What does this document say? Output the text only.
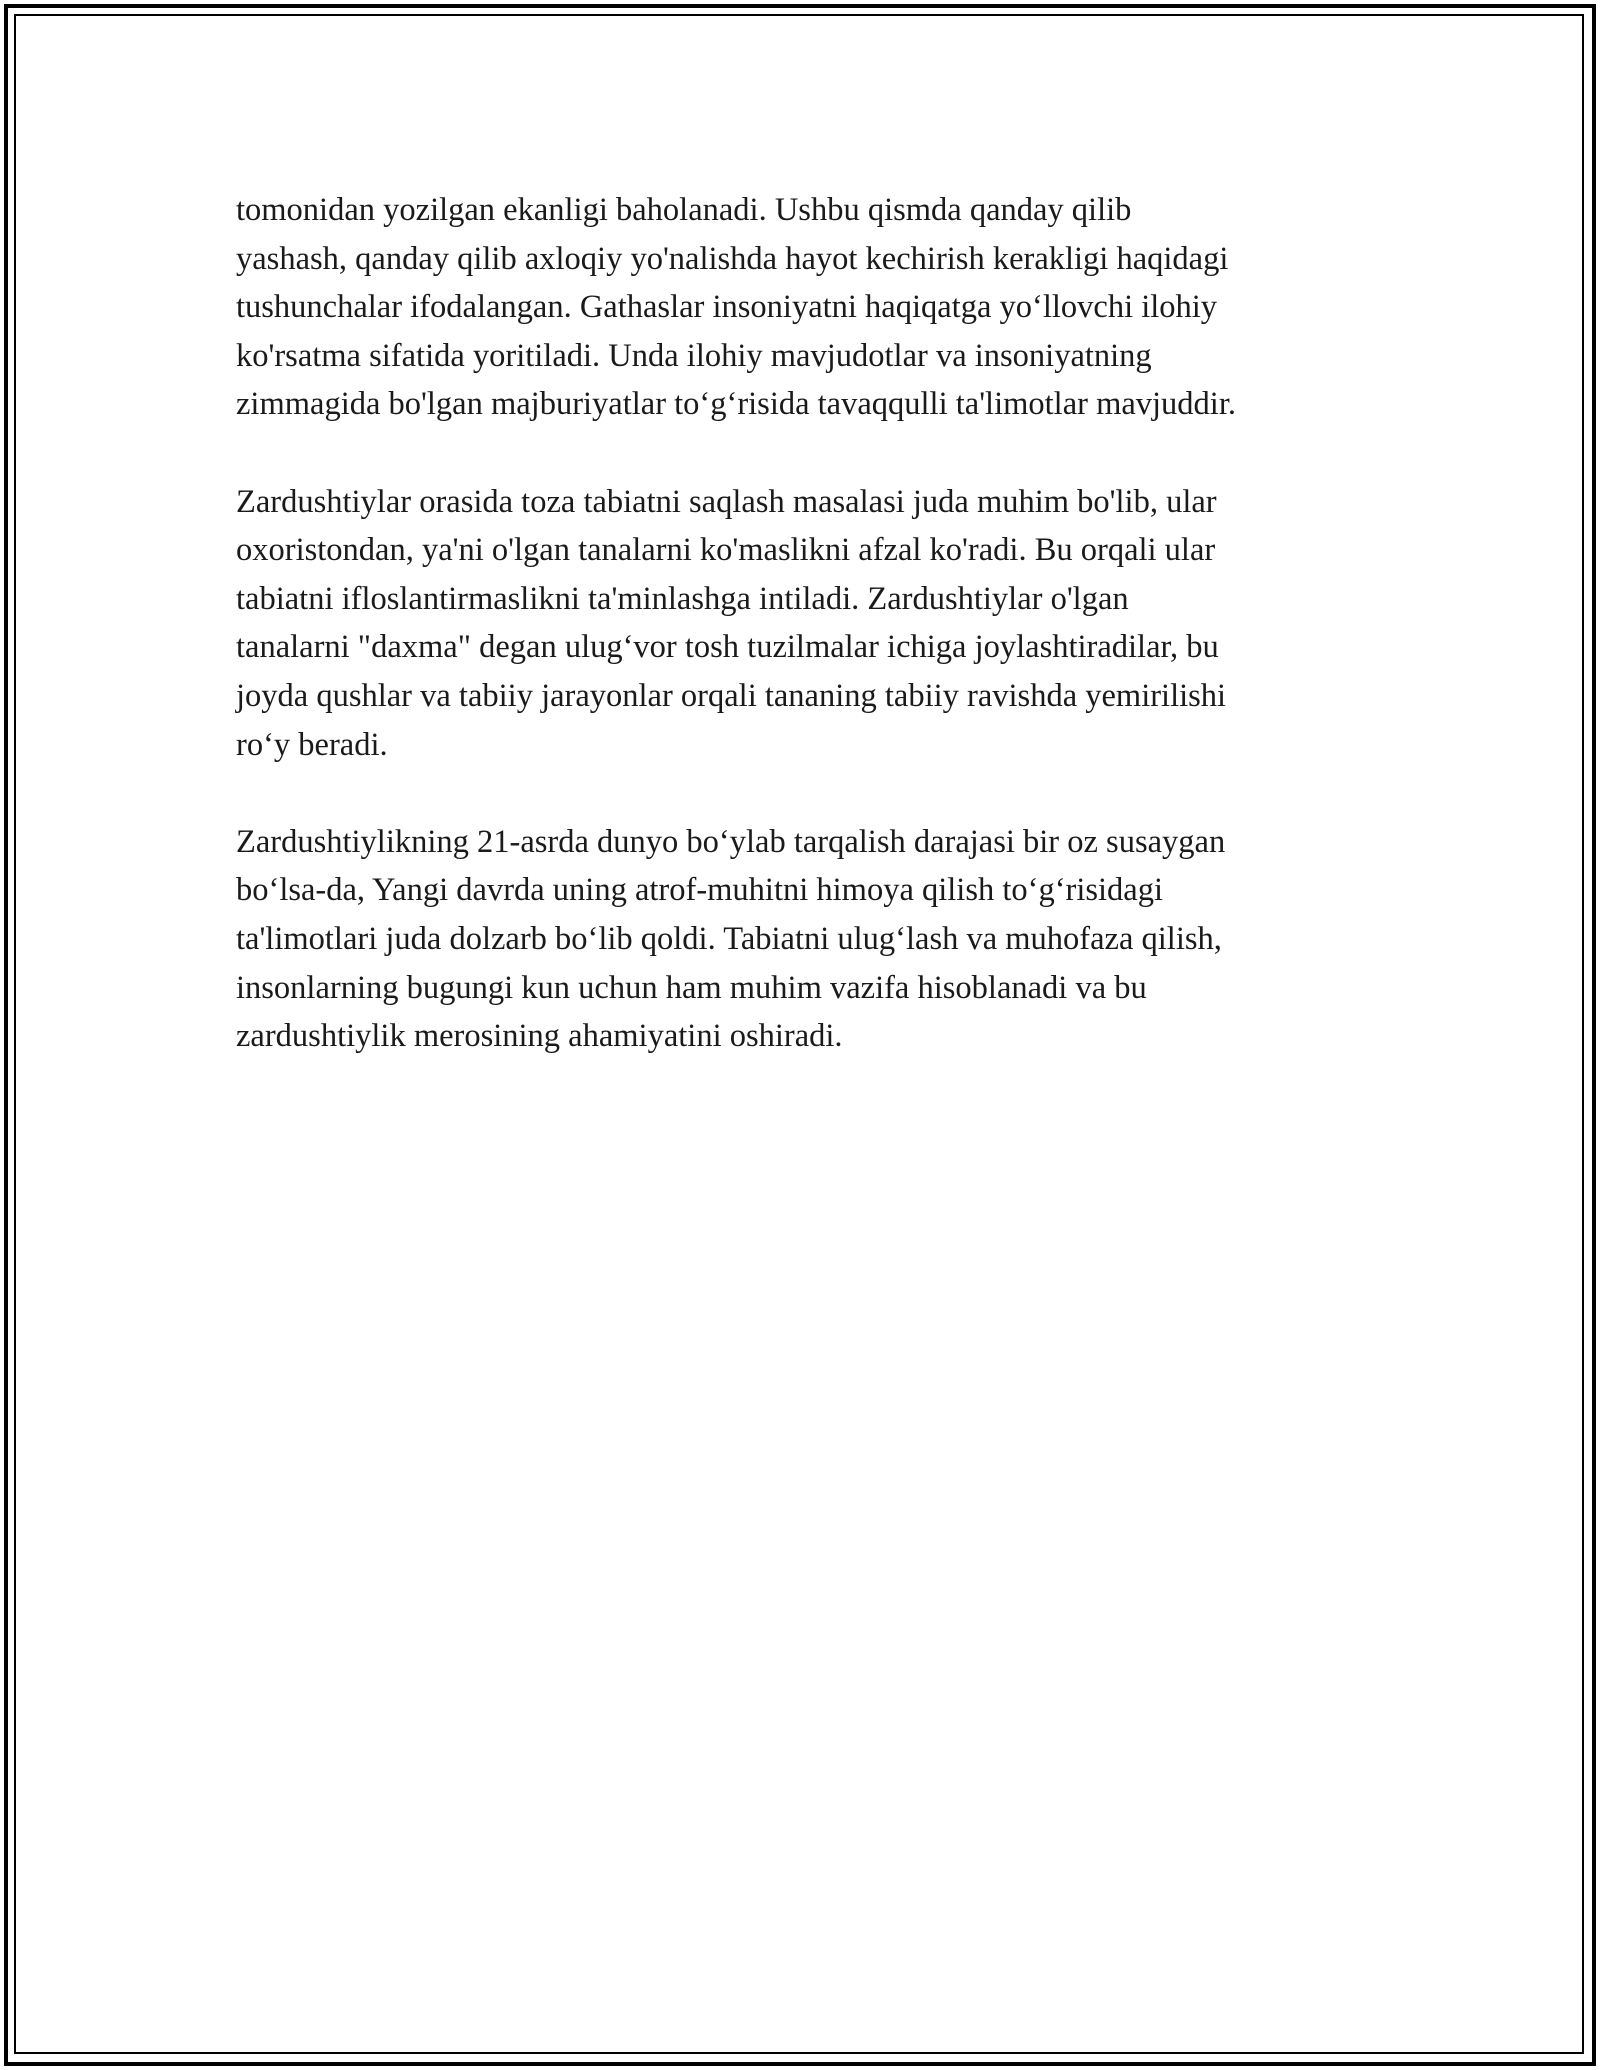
tomonidan yozilgan ekanligi baholanadi. Ushbu qismda qanday qilib
yashash, qanday qilib axloqiy yo'nalishda hayot kechirish kerakligi haqidagi
tushunchalar ifodalangan. Gathaslar insoniyatni haqiqatga yo‘llovchi ilohiy
ko'rsatma sifatida yoritiladi. Unda ilohiy mavjudotlar va insoniyatning
zimmagida bo'lgan majburiyatlar to‘g‘risida tavaqqulli ta'limotlar mavjuddir.

Zardushtiylar orasida toza tabiatni saqlash masalasi juda muhim bo'lib, ular
oxoristondan, ya'ni o'lgan tanalarni ko'maslikni afzal ko'radi. Bu orqali ular
tabiatni ifloslantirmaslikni ta'minlashga intiladi. Zardushtiylar o'lgan
tanalarni "daxma" degan ulug‘vor tosh tuzilmalar ichiga joylashtiradilar, bu
joyda qushlar va tabiiy jarayonlar orqali tananing tabiiy ravishda yemirilishi
ro‘y beradi.

Zardushtiylikning 21-asrda dunyo bo‘ylab tarqalish darajasi bir oz susaygan
bo‘lsa-da, Yangi davrda uning atrof-muhitni himoya qilish to‘g‘risidagi
ta'limotlari juda dolzarb bo‘lib qoldi. Tabiatni ulug‘lash va muhofaza qilish,
insonlarning bugungi kun uchun ham muhim vazifa hisoblanadi va bu
zardushtiylik merosining ahamiyatini oshiradi.
